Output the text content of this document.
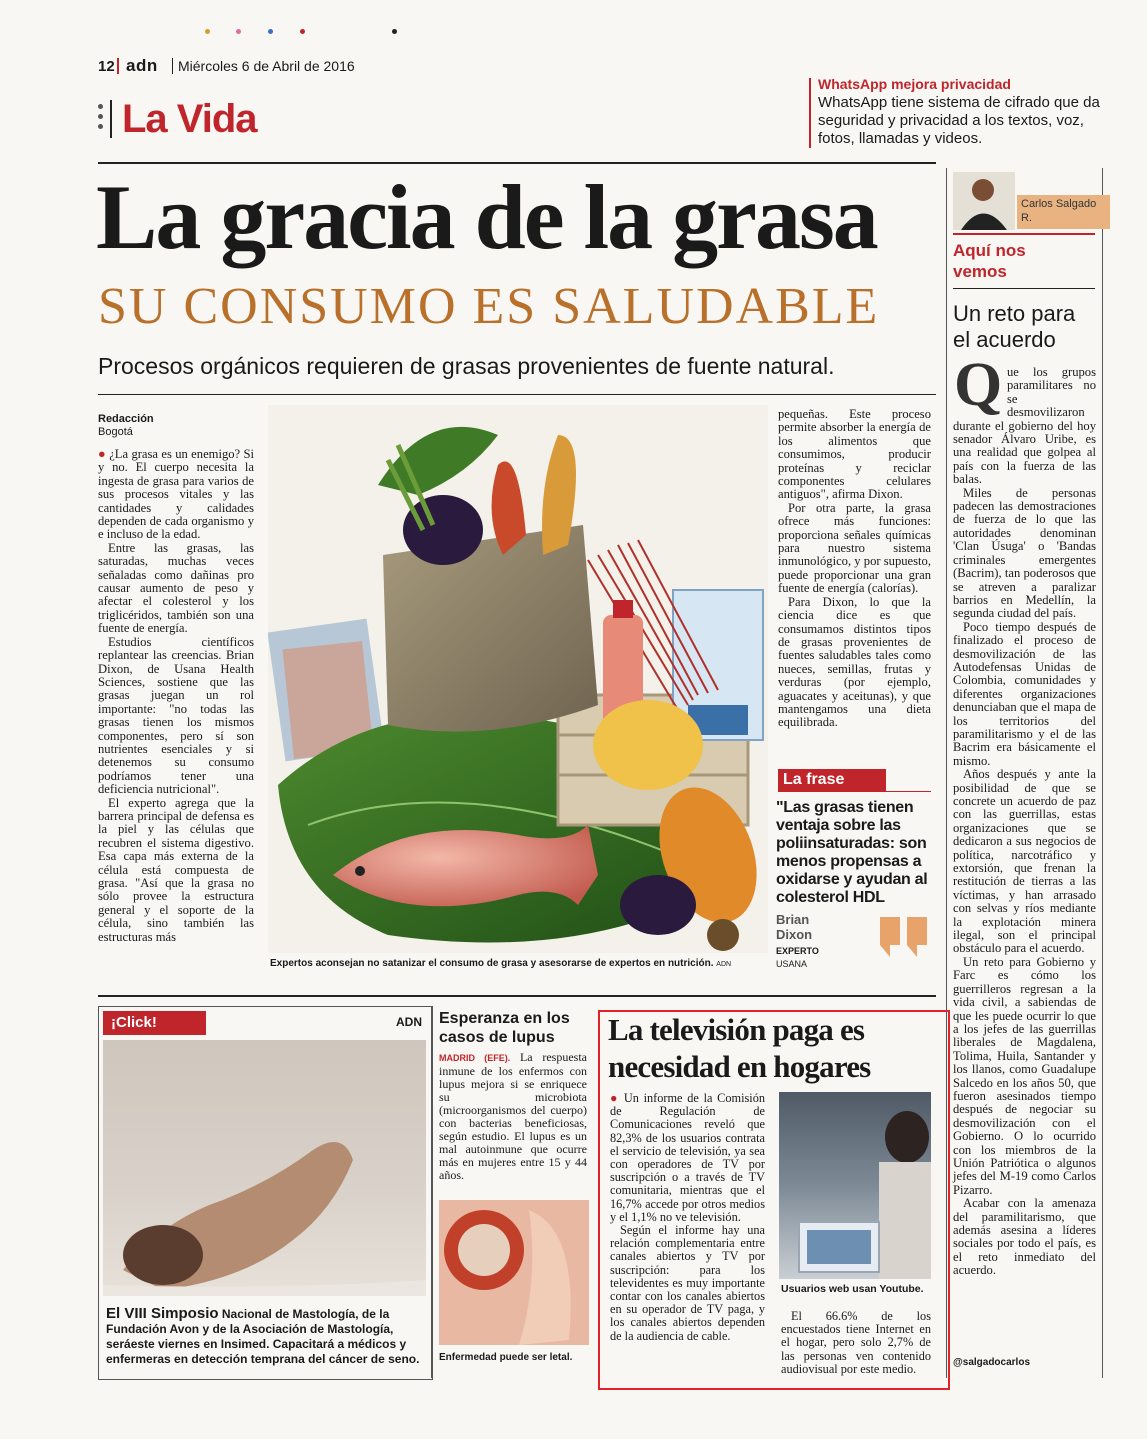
12 adn Miércoles 6 de Abril de 2016
La Vida
WhatsApp mejora privacidad
WhatsApp tiene sistema de cifrado que da seguridad y privacidad a los textos, voz, fotos, llamadas y videos.
La gracia de la grasa
SU CONSUMO ES SALUDABLE
Procesos orgánicos requieren de grasas provenientes de fuente natural.
Redacción
Bogotá

● ¿La grasa es un enemigo? Si y no. El cuerpo necesita la ingesta de grasa para varios de sus procesos vitales y las cantidades y calidades dependen de cada organismo y e incluso de la edad.

Entre las grasas, las saturadas, muchas veces señaladas como dañinas pro causar aumento de peso y afectar el colesterol y los triglicéridos, también son una fuente de energía.

Estudios científicos replantear las creencias. Brian Dixon, de Usana Health Sciences, sostiene que las grasas juegan un rol importante: "no todas las grasas tienen los mismos componentes, pero sí son nutrientes esenciales y si detenemos su consumo podríamos tener una deficiencia nutricional".

El experto agrega que la barrera principal de defensa es la piel y las células que recubren el sistema digestivo. Esa capa más externa de la célula está compuesta de grasa. "Así que la grasa no sólo provee la estructura general y el soporte de la célula, sino también las estructuras más

pequeñas. Este proceso permite absorber la energía de los alimentos que consumimos, producir proteínas y reciclar componentes celulares antiguos", afirma Dixon.

Por otra parte, la grasa ofrece más funciones: proporciona señales químicas para nuestro sistema inmunológico, y por supuesto, puede proporcionar una gran fuente de energía (calorías).

Para Dixon, lo que la ciencia dice es que consumamos distintos tipos de grasas provenientes de fuentes saludables tales como nueces, semillas, frutas y verduras (por ejemplo, aguacates y aceitunas), y que mantengamos una dieta equilibrada.

La frase
"Las grasas tienen ventaja sobre las poliinsaturadas: son menos propensas a oxidarse y ayudan al colesterol HDL
Brian Dixon
EXPERTO
USANA
Expertos aconsejan no satanizar el consumo de grasa y asesorarse de expertos en nutrición. ADN
Carlos Salgado R.
Aquí nos vemos
Un reto para el acuerdo
Q ue los grupos paramilitares no se desmovilizaron durante el gobierno del hoy senador Álvaro Uribe, es una realidad que golpea al país con la fuerza de las balas.

Miles de personas padecen las demostraciones de fuerza de lo que las autoridades denominan 'Clan Úsuga' o 'Bandas criminales emergentes (Bacrim), tan poderosos que se atreven a paralizar barrios en Medellín, la segunda ciudad del país.

Poco tiempo después de finalizado el proceso de desmovilización de las Autodefensas Unidas de Colombia, comunidades y diferentes organizaciones denunciaban que el mapa de los territorios del paramilitarismo y el de las Bacrim era básicamente el mismo.

Años después y ante la posibilidad de que se concrete un acuerdo de paz con las guerrillas, estas organizaciones que se dedicaron a sus negocios de política, narcotráfico y extorsión, que frenan la restitución de tierras a las víctimas, y han arrasado con selvas y ríos mediante la explotación minera ilegal, son el principal obstáculo para el acuerdo.

Un reto para Gobierno y Farc es cómo los guerrilleros regresan a la vida civil, a sabiendas de que les puede ocurrir lo que a los jefes de las guerrillas liberales de Magdalena, Tolima, Huila, Santander y los llanos, como Guadalupe Salcedo en los años 50, que fueron asesinados tiempo después de negociar su desmovilización con el Gobierno. O lo ocurrido con los miembros de la Unión Patriótica o algunos jefes del M-19 como Carlos Pizarro.

Acabar con la amenaza del paramilitarismo, que además asesina a líderes sociales por todo el país, es el reto inmediato del acuerdo.

@salgadocarlos
¡Click!	ADN
El VIII Simposio Nacional de Mastología, de la Fundación Avon y de la Asociación de Mastología, seráeste viernes en Insimed. Capacitará a médicos y enfermeras en detección temprana del cáncer de seno.
Esperanza en los casos de lupus
MADRID (EFE). La respuesta inmune de los enfermos con lupus mejora si se enriquece su microbiota (microorganismos del cuerpo) con bacterias beneficiosas, según estudio. El lupus es un mal autoinmune que ocurre más en mujeres entre 15 y 44 años.
Enfermedad puede ser letal.
La televisión paga es necesidad en hogares

● Un informe de la Comisión de Regulación de Comunicaciones reveló que 82,3% de los usuarios contrata el servicio de televisión, ya sea con operadores de TV por suscripción o a través de TV comunitaria, mientras que el 16,7% accede por otros medios y el 1,1% no ve televisión.

Según el informe hay una relación complementaria entre canales abiertos y TV por suscripción: para los televidentes es muy importante contar con los canales abiertos en su operador de TV paga, y los canales abiertos dependen de la audiencia de cable.

Usuarios web usan Youtube.

El 66.6% de los encuestados tiene Internet en el hogar, pero solo 2,7% de las personas ven contenido audiovisual por este medio.
